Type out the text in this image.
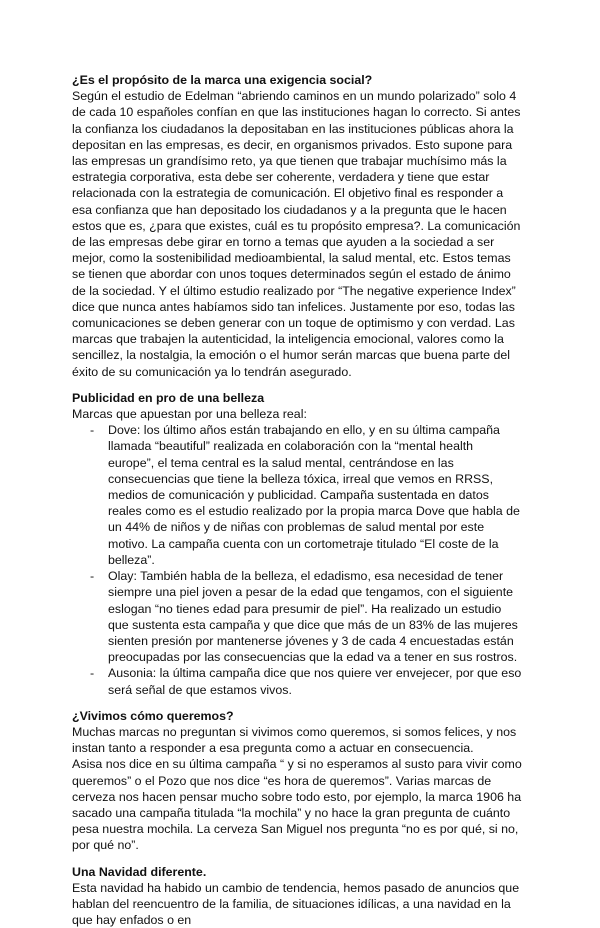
¿Es el propósito de la marca una exigencia social?

Según el estudio de Edelman “abriendo caminos en un mundo polarizado” solo 4 de cada 10 españoles confían en que las instituciones hagan lo correcto. Si antes la confianza los ciudadanos la depositaban en las instituciones públicas ahora la depositan en las empresas, es decir, en organismos privados. Esto supone para las empresas un grandísimo reto, ya que tienen que trabajar muchísimo más la estrategia corporativa, esta debe ser coherente, verdadera y tiene que estar relacionada con la estrategia de comunicación. El objetivo final es responder a esa confianza que han depositado los ciudadanos y a la pregunta que le hacen estos que es, ¿para que existes, cuál es tu propósito empresa?. La comunicación de las empresas debe girar en torno a temas que ayuden a la sociedad a ser mejor, como la sostenibilidad medioambiental, la salud mental, etc. Estos temas se tienen que abordar con unos toques determinados según el estado de ánimo de la sociedad. Y el último estudio realizado por “The negative experience Index” dice que nunca antes habíamos sido tan infelices. Justamente por eso, todas las comunicaciones se deben generar con un toque de optimismo y con verdad. Las marcas que trabajen la autenticidad, la inteligencia emocional, valores como la sencillez, la nostalgia, la emoción o el humor serán marcas que buena parte del éxito de su comunicación ya lo tendrán asegurado.

Publicidad en pro de una belleza

Marcas que apuestan por una belleza real:

- Dove: los último años están trabajando en ello, y en su última campaña llamada “beautiful” realizada en colaboración con la “mental health europe”, el tema central es la salud mental, centrándose en las consecuencias que tiene la belleza tóxica, irreal que vemos en RRSS, medios de comunicación y publicidad. Campaña sustentada en datos reales como es el estudio realizado por la propia marca Dove que habla de un 44% de niños y de niñas con problemas de salud mental por este motivo. La campaña cuenta con un cortometraje titulado “El coste de la belleza”.
- Olay: También habla de la belleza, el edadismo, esa necesidad de tener siempre una piel joven a pesar de la edad que tengamos, con el siguiente eslogan “no tienes edad para presumir de piel”. Ha realizado un estudio que sustenta esta campaña y que dice que más de un 83% de las mujeres sienten presión por mantenerse jóvenes y 3 de cada 4 encuestadas están preocupadas por las consecuencias que la edad va a tener en sus rostros.
- Ausonia: la última campaña dice que nos quiere ver envejecer, por que eso será señal de que estamos vivos.

¿Vivimos cómo queremos?

Muchas marcas no preguntan si vivimos como queremos, si somos felices, y nos instan tanto a responder a esa pregunta como a actuar en consecuencia.

Asisa nos dice en su última campaña “ y si no esperamos al susto para vivir como queremos” o el Pozo que nos dice “es hora de queremos”. Varias marcas de cerveza nos hacen pensar mucho sobre todo esto, por ejemplo, la marca 1906 ha sacado una campaña titulada “la mochila” y no hace la gran pregunta de cuánto pesa nuestra mochila. La cerveza San Miguel nos pregunta “no es por qué, si no, por qué no”.

Una Navidad diferente.

Esta navidad ha habido un cambio de tendencia, hemos pasado de anuncios que hablan del reencuentro de la familia, de situaciones idílicas, a una navidad en la que hay enfados o en
